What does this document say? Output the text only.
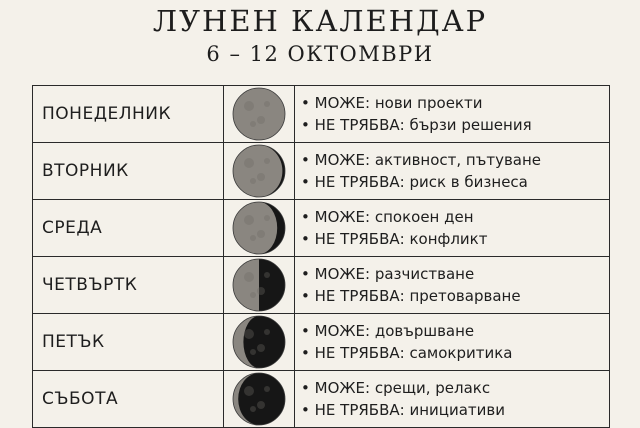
ЛУНЕН КАЛЕНДАР
6 – 12 ОКТОМВРИ
ПОНЕДЕЛНИК		• МОЖЕ: нови проекти
• НЕ ТРЯБВА: бързи решения

ВТОРНИК		• МОЖЕ: активност, пътуване
• НЕ ТРЯБВА: риск в бизнеса

СРЕДА		• МОЖЕ: спокоен ден
• НЕ ТРЯБВА: конфликт

ЧЕТВЪРТК		• МОЖЕ: разчистване
• НЕ ТРЯБВА: претоварване

ПЕТЪК		• МОЖЕ: довършване
• НЕ ТРЯБВА: самокритика

СЪБОТА		• МОЖЕ: срещи, релакс
• НЕ ТРЯБВА: инициативи
